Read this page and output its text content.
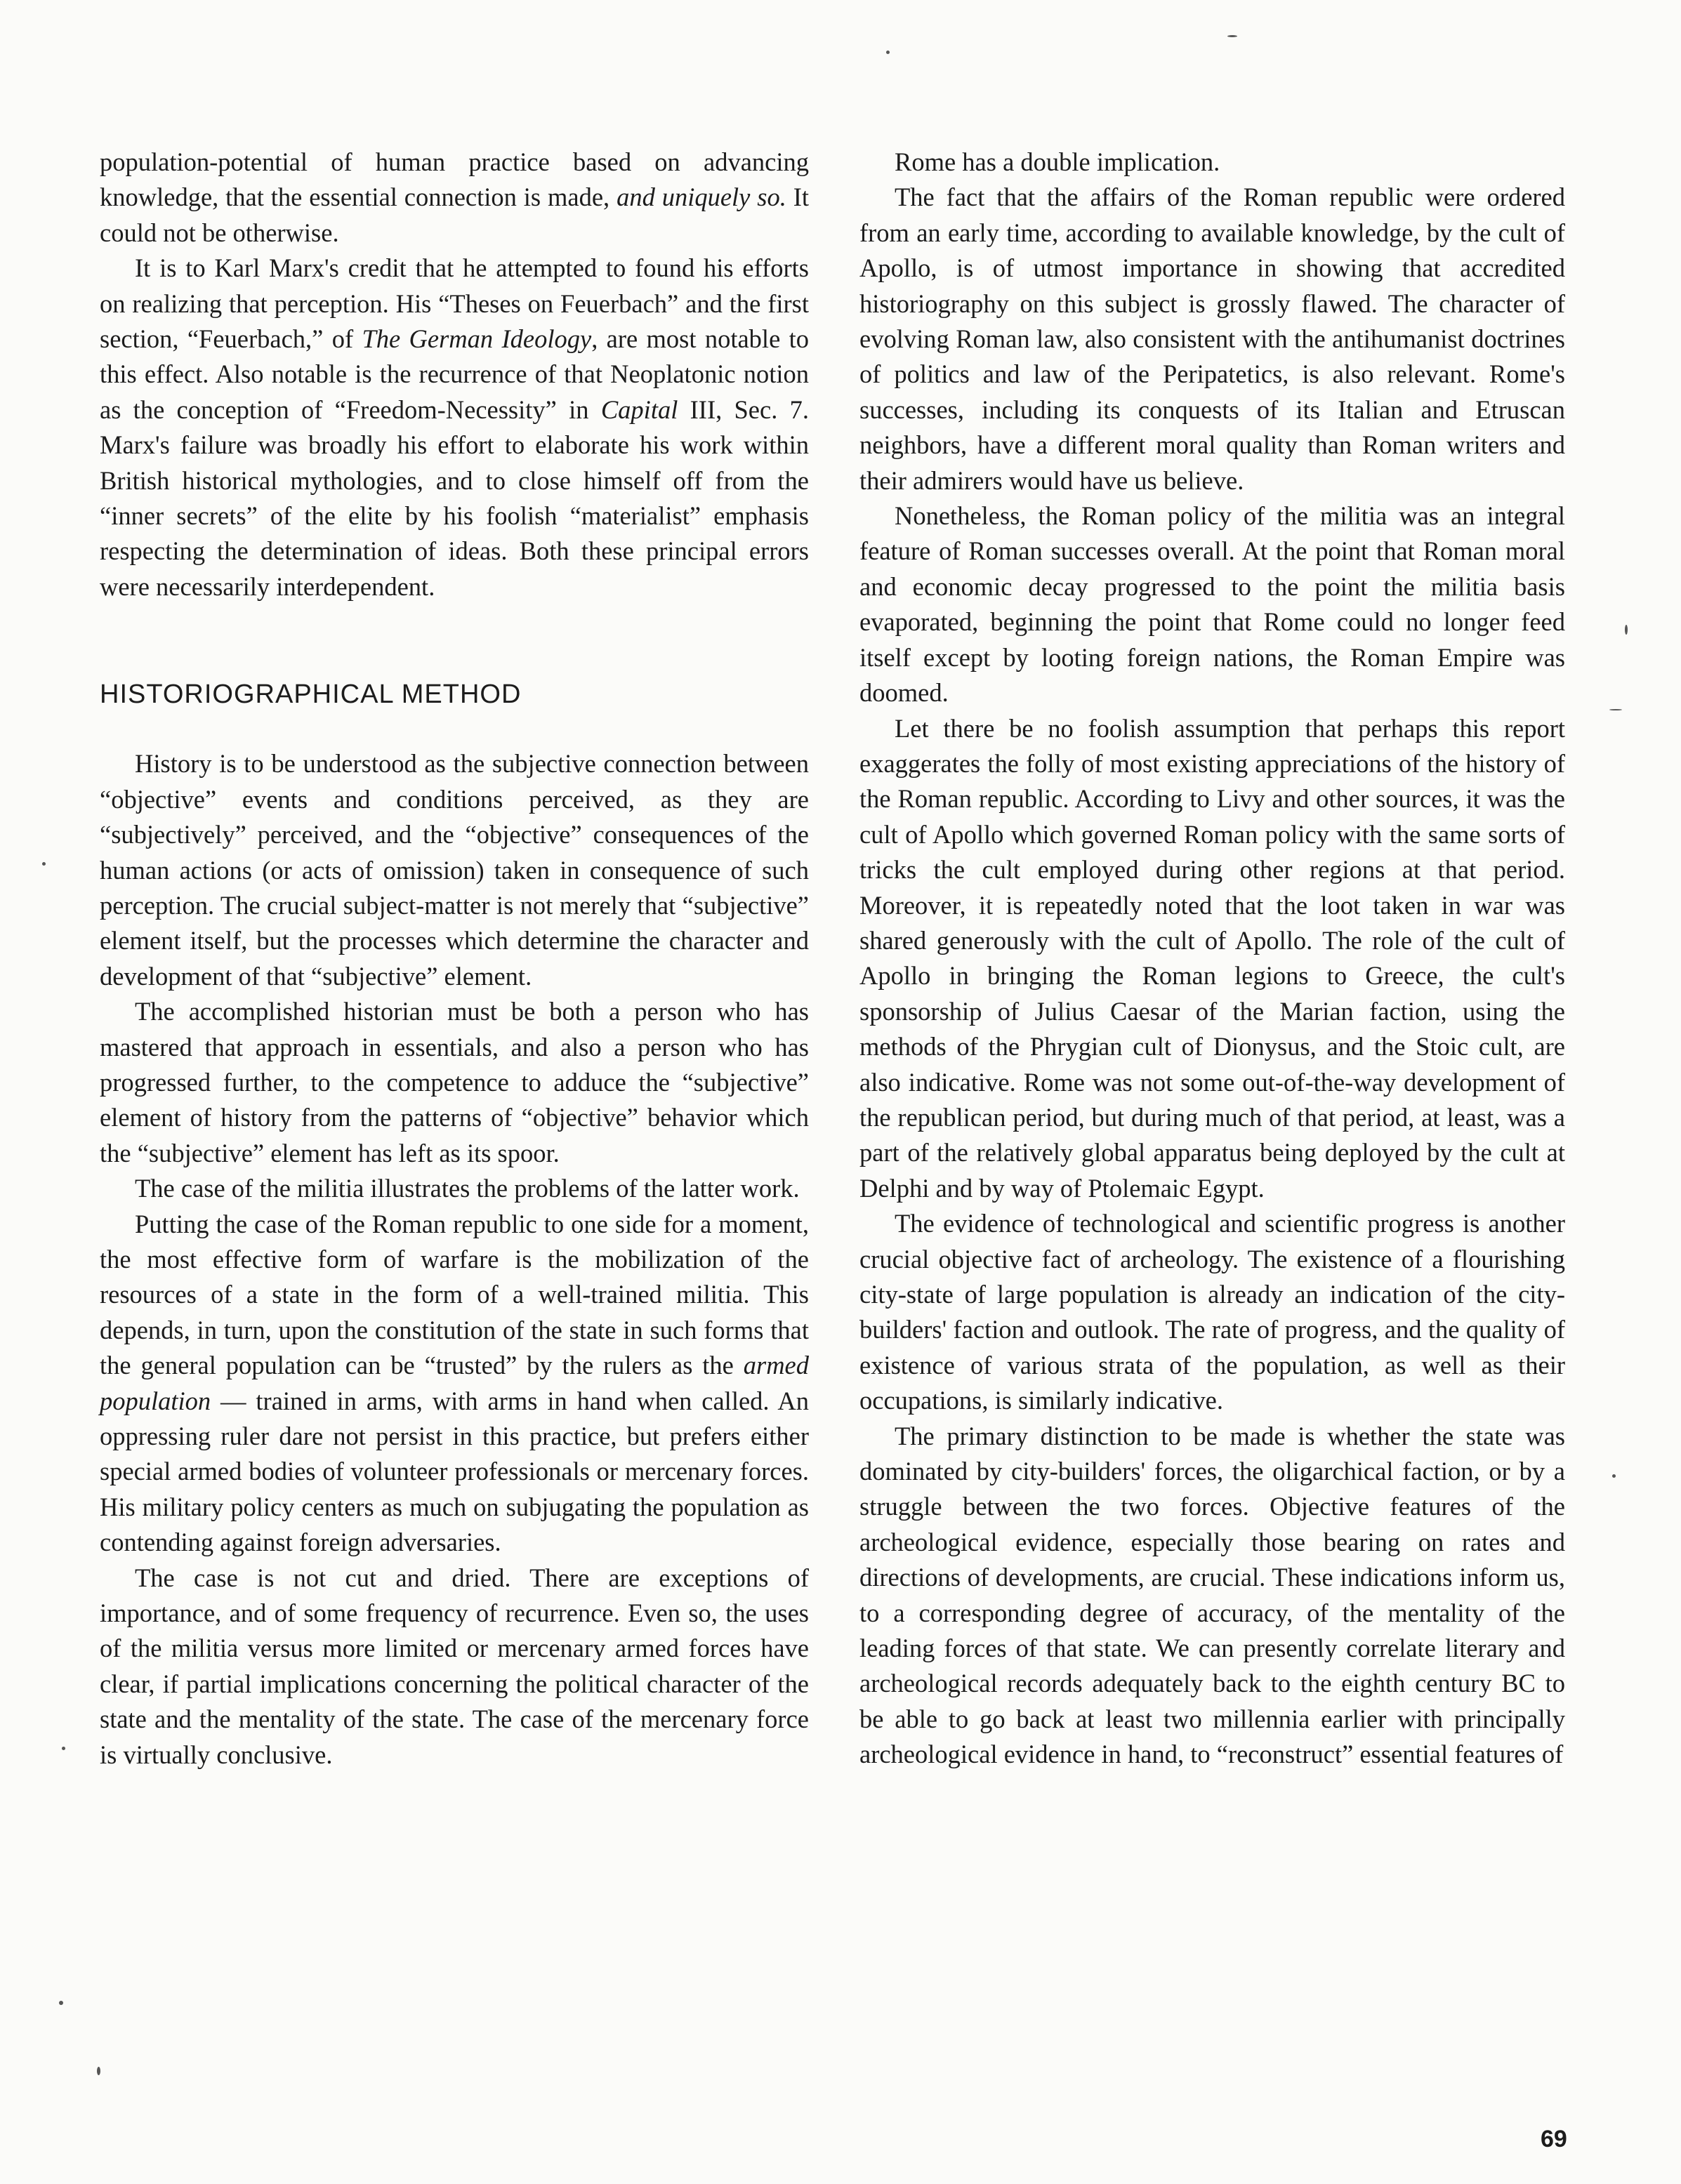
population-potential of human practice based on advancing knowledge, that the essential connection is made, and uniquely so. It could not be otherwise.

It is to Karl Marx's credit that he attempted to found his efforts on realizing that perception. His “Theses on Feuerbach” and the first section, “Feuerbach,” of The German Ideology, are most notable to this effect. Also notable is the recurrence of that Neoplatonic notion as the conception of “Freedom-Necessity” in Capital III, Sec. 7. Marx's failure was broadly his effort to elaborate his work within British historical mythologies, and to close himself off from the “inner secrets” of the elite by his foolish “materialist” emphasis respecting the determination of ideas. Both these principal errors were necessarily interdependent.

HISTORIOGRAPHICAL METHOD

History is to be understood as the subjective connection between “objective” events and conditions perceived, as they are “subjectively” perceived, and the “objective” consequences of the human actions (or acts of omission) taken in consequence of such perception. The crucial subject-matter is not merely that “subjective” element itself, but the processes which determine the character and development of that “subjective” element.

The accomplished historian must be both a person who has mastered that approach in essentials, and also a person who has progressed further, to the competence to adduce the “subjective” element of history from the patterns of “objective” behavior which the “subjective” element has left as its spoor.

The case of the militia illustrates the problems of the latter work.

Putting the case of the Roman republic to one side for a moment, the most effective form of warfare is the mobilization of the resources of a state in the form of a well-trained militia. This depends, in turn, upon the constitution of the state in such forms that the general population can be “trusted” by the rulers as the armed population — trained in arms, with arms in hand when called. An oppressing ruler dare not persist in this practice, but prefers either special armed bodies of volunteer professionals or mercenary forces. His military policy centers as much on subjugating the population as contending against foreign adversaries.

The case is not cut and dried. There are exceptions of importance, and of some frequency of recurrence. Even so, the uses of the militia versus more limited or mercenary armed forces have clear, if partial implications concerning the political character of the state and the mentality of the state. The case of the mercenary force is virtually conclusive.

Rome has a double implication.

The fact that the affairs of the Roman republic were ordered from an early time, according to available knowledge, by the cult of Apollo, is of utmost importance in showing that accredited historiography on this subject is grossly flawed. The character of evolving Roman law, also consistent with the antihumanist doctrines of politics and law of the Peripatetics, is also relevant. Rome's successes, including its conquests of its Italian and Etruscan neighbors, have a different moral quality than Roman writers and their admirers would have us believe.

Nonetheless, the Roman policy of the militia was an integral feature of Roman successes overall. At the point that Roman moral and economic decay progressed to the point the militia basis evaporated, beginning the point that Rome could no longer feed itself except by looting foreign nations, the Roman Empire was doomed.

Let there be no foolish assumption that perhaps this report exaggerates the folly of most existing appreciations of the history of the Roman republic. According to Livy and other sources, it was the cult of Apollo which governed Roman policy with the same sorts of tricks the cult employed during other regions at that period. Moreover, it is repeatedly noted that the loot taken in war was shared generously with the cult of Apollo. The role of the cult of Apollo in bringing the Roman legions to Greece, the cult's sponsorship of Julius Caesar of the Marian faction, using the methods of the Phrygian cult of Dionysus, and the Stoic cult, are also indicative. Rome was not some out-of-the-way development of the republican period, but during much of that period, at least, was a part of the relatively global apparatus being deployed by the cult at Delphi and by way of Ptolemaic Egypt.

The evidence of technological and scientific progress is another crucial objective fact of archeology. The existence of a flourishing city-state of large population is already an indication of the city-builders' faction and outlook. The rate of progress, and the quality of existence of various strata of the population, as well as their occupations, is similarly indicative.

The primary distinction to be made is whether the state was dominated by city-builders' forces, the oligarchical faction, or by a struggle between the two forces. Objective features of the archeological evidence, especially those bearing on rates and directions of developments, are crucial. These indications inform us, to a corresponding degree of accuracy, of the mentality of the leading forces of that state. We can presently correlate literary and archeological records adequately back to the eighth century BC to be able to go back at least two millennia earlier with principally archeological evidence in hand, to “reconstruct” essential features of

69
